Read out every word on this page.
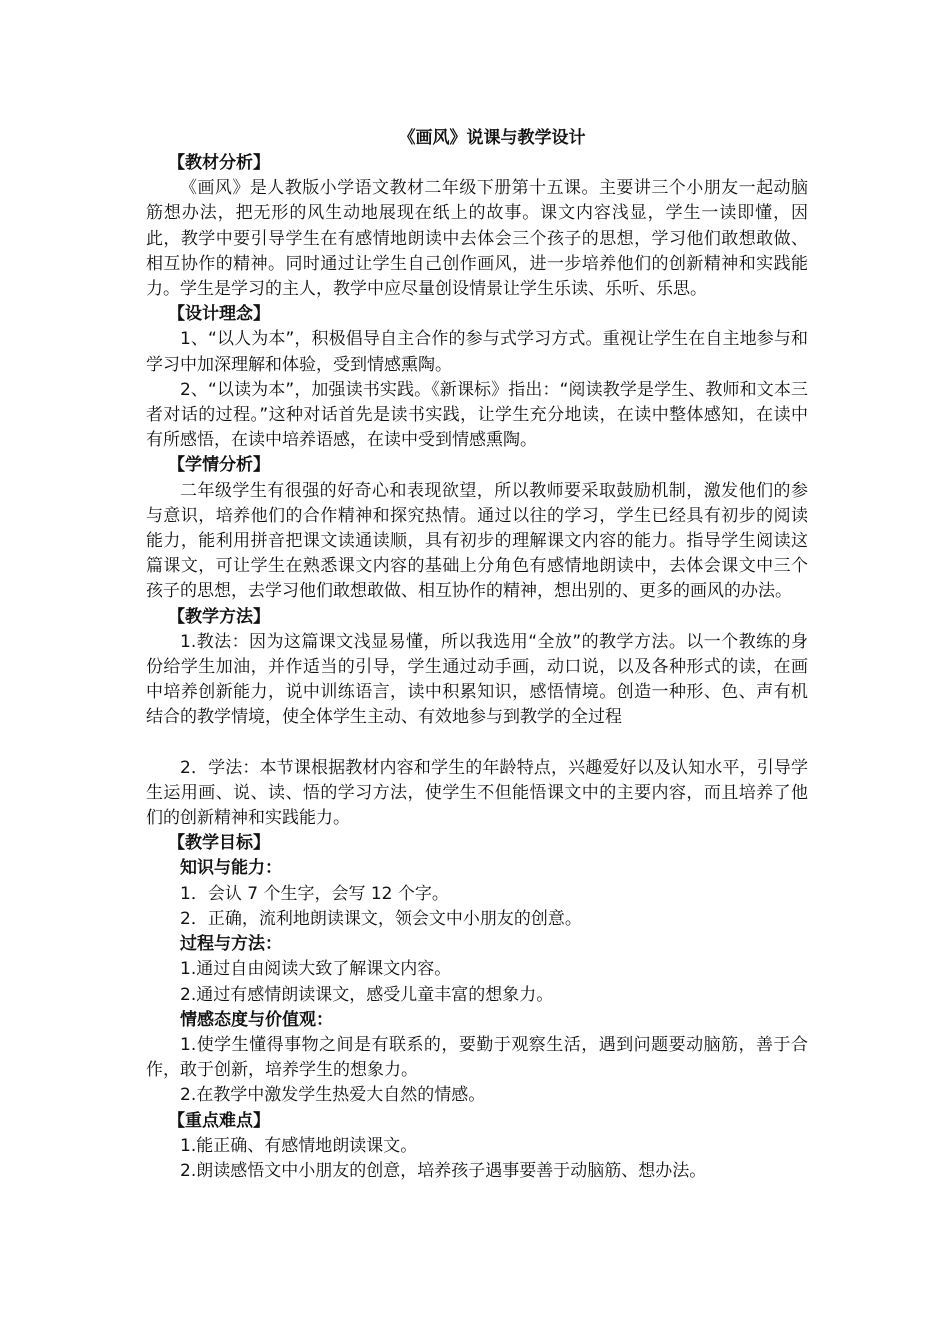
《画风》说课与教学设计

【教材分析】

《画风》是人教版小学语文教材二年级下册第十五课。主要讲三个小朋友一起动脑筋想办法，把无形的风生动地展现在纸上的故事。课文内容浅显，学生一读即懂，因此，教学中要引导学生在有感情地朗读中去体会三个孩子的思想，学习他们敢想敢做、相互协作的精神。同时通过让学生自己创作画风，进一步培养他们的创新精神和实践能力。学生是学习的主人，教学中应尽量创设情景让学生乐读、乐听、乐思。

【设计理念】

1、“以人为本”，积极倡导自主合作的参与式学习方式。重视让学生在自主地参与和学习中加深理解和体验，受到情感熏陶。

2、“以读为本”，加强读书实践。《新课标》指出：“阅读教学是学生、教师和文本三者对话的过程。”这种对话首先是读书实践，让学生充分地读，在读中整体感知，在读中有所感悟，在读中培养语感，在读中受到情感熏陶。

【学情分析】

二年级学生有很强的好奇心和表现欲望，所以教师要采取鼓励机制，激发他们的参与意识，培养他们的合作精神和探究热情。通过以往的学习，学生已经具有初步的阅读能力，能利用拼音把课文读通读顺，具有初步的理解课文内容的能力。指导学生阅读这篇课文，可让学生在熟悉课文内容的基础上分角色有感情地朗读中，去体会课文中三个孩子的思想，去学习他们敢想敢做、相互协作的精神，想出别的、更多的画风的办法。

【教学方法】

1.教法：因为这篇课文浅显易懂，所以我选用“全放”的教学方法。以一个教练的身份给学生加油，并作适当的引导，学生通过动手画，动口说，以及各种形式的读，在画中培养创新能力，说中训练语言，读中积累知识，感悟情境。创造一种形、色、声有机结合的教学情境，使全体学生主动、有效地参与到教学的全过程

2．学法：本节课根据教材内容和学生的年龄特点，兴趣爱好以及认知水平，引导学生运用画、说、读、悟的学习方法，使学生不但能悟课文中的主要内容，而且培养了他们的创新精神和实践能力。

【教学目标】

知识与能力：

1．会认 7 个生字，会写 12 个字。

2．正确，流利地朗读课文，领会文中小朋友的创意。

过程与方法：

1.通过自由阅读大致了解课文内容。

2.通过有感情朗读课文，感受儿童丰富的想象力。

情感态度与价值观：

1.使学生懂得事物之间是有联系的，要勤于观察生活，遇到问题要动脑筋，善于合作，敢于创新，培养学生的想象力。

2.在教学中激发学生热爱大自然的情感。

【重点难点】

1.能正确、有感情地朗读课文。

2.朗读感悟文中小朋友的创意，培养孩子遇事要善于动脑筋、想办法。
